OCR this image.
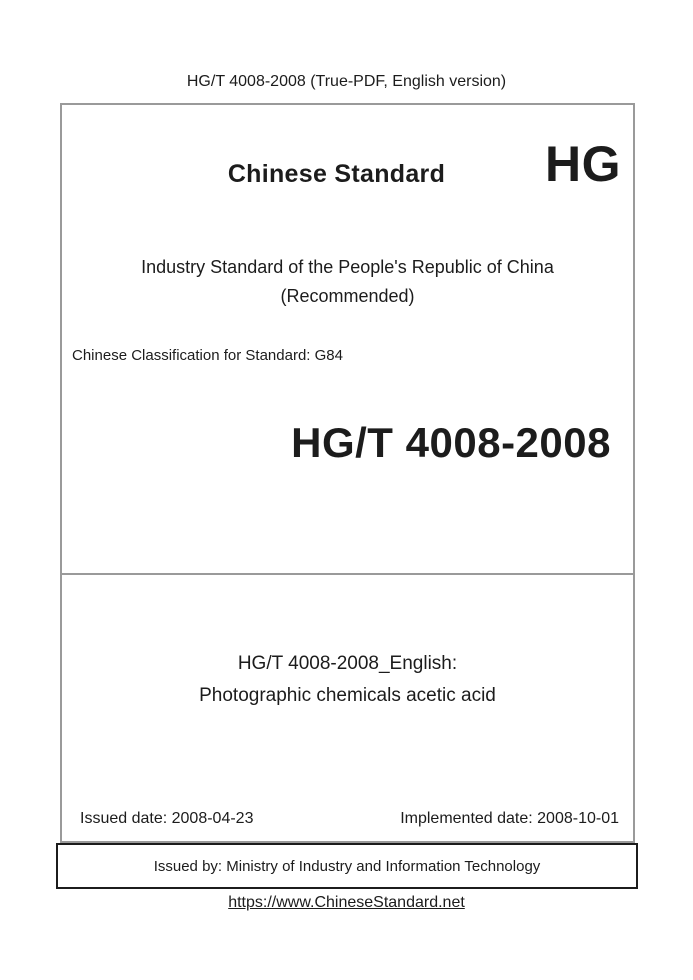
HG/T 4008-2008 (True-PDF, English version)
Chinese Standard	HG
Industry Standard of the People's Republic of China
(Recommended)
Chinese Classification for Standard: G84
HG/T 4008-2008
HG/T 4008-2008_English:
Photographic chemicals acetic acid
Issued date: 2008-04-23	Implemented date: 2008-10-01
Issued by: Ministry of Industry and Information Technology
https://www.ChineseStandard.net
